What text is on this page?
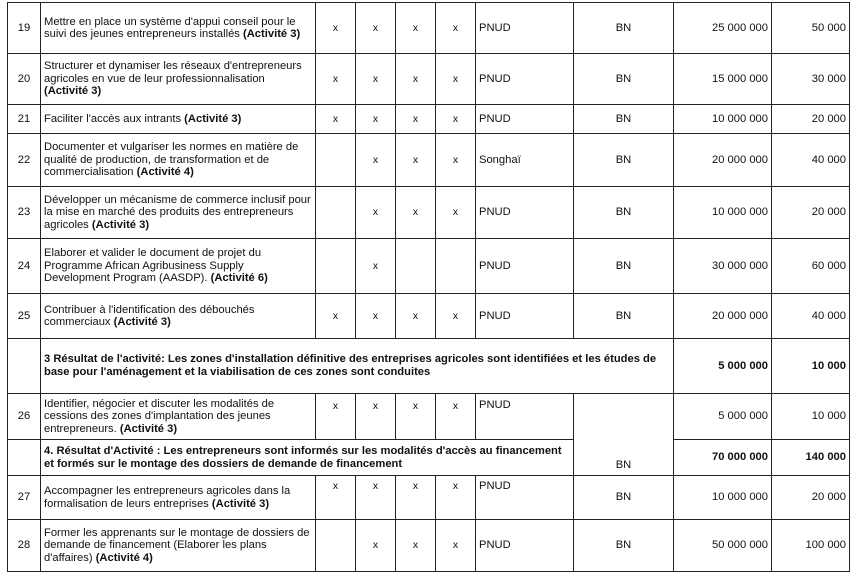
19	Mettre en place un système d'appui conseil pour le suivi des jeunes entrepreneurs installés (Activité 3)	x	x	x	x	PNUD	BN	25 000 000	50 000
20	Structurer et dynamiser les réseaux d'entrepreneurs agricoles en vue de leur professionnalisation (Activité 3)	x	x	x	x	PNUD	BN	15 000 000	30 000
21	Faciliter l'accès aux intrants (Activité 3)	x	x	x	x	PNUD	BN	10 000 000	20 000
22	Documenter et vulgariser les normes en matière de qualité de production, de transformation et de commercialisation (Activité 4)		x	x	x	Songhaï	BN	20 000 000	40 000
23	Développer un mécanisme de commerce inclusif pour la mise en marché des produits des entrepreneurs agricoles (Activité 3)		x	x	x	PNUD	BN	10 000 000	20 000
24	Elaborer et valider le document de projet du Programme African Agribusiness Supply Development Program (AASDP). (Activité 6)		x			PNUD	BN	30 000 000	60 000
25	Contribuer à l'identification des débouchés commerciaux (Activité 3)	x	x	x	x	PNUD	BN	20 000 000	40 000
	3 Résultat de l'activité: Les zones d'installation définitive des entreprises agricoles sont identifiées et les études de base pour l'aménagement et la viabilisation de ces zones sont conduites							5 000 000	10 000
26	Identifier, négocier et discuter les modalités de cessions des zones d'implantation des jeunes entrepreneurs. (Activité 3)	x	x	x	x	PNUD	BN	5 000 000	10 000
	4. Résultat d'Activité : Les entrepreneurs sont informés sur les modalités d'accès au financement et formés sur le montage des dossiers de demande de financement							70 000 000	140 000
27	Accompagner les entrepreneurs agricoles dans la formalisation de leurs entreprises (Activité 3)	x	x	x	x	PNUD	BN	10 000 000	20 000
28	Former les apprenants sur le montage de dossiers de demande de financement (Elaborer les plans d'affaires) (Activité 4)		x	x	x	PNUD	BN	50 000 000	100 000
